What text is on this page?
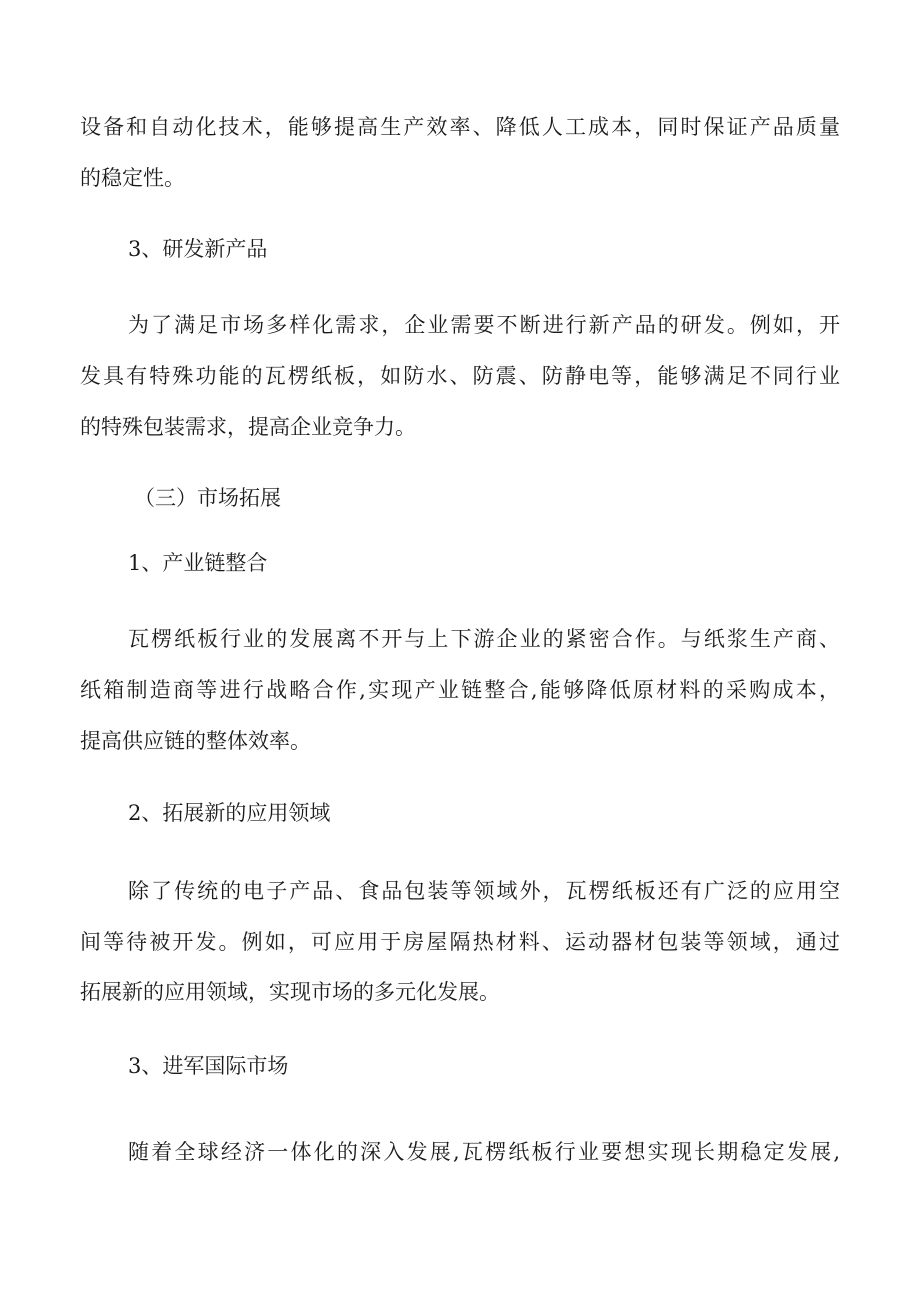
设备和自动化技术，能够提高生产效率、降低人工成本，同时保证产品质量
的稳定性。
3、研发新产品
为了满足市场多样化需求，企业需要不断进行新产品的研发。例如，开
发具有特殊功能的瓦楞纸板，如防水、防震、防静电等，能够满足不同行业
的特殊包装需求，提高企业竞争力。
（三）市场拓展
1、产业链整合
瓦楞纸板行业的发展离不开与上下游企业的紧密合作。与纸浆生产商、
纸箱制造商等进行战略合作,实现产业链整合,能够降低原材料的采购成本，
提高供应链的整体效率。
2、拓展新的应用领域
除了传统的电子产品、食品包装等领域外，瓦楞纸板还有广泛的应用空
间等待被开发。例如，可应用于房屋隔热材料、运动器材包装等领域，通过
拓展新的应用领域，实现市场的多元化发展。
3、进军国际市场
随着全球经济一体化的深入发展,瓦楞纸板行业要想实现长期稳定发展,
